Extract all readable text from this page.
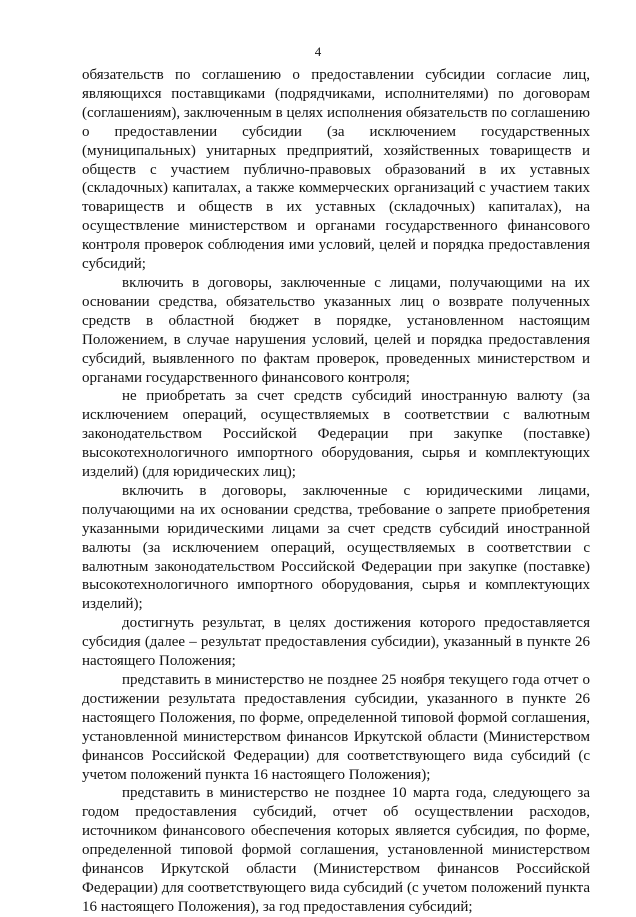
4

обязательств по соглашению о предоставлении субсидии согласие лиц, являющихся поставщиками (подрядчиками, исполнителями) по договорам (соглашениям), заключенным в целях исполнения обязательств по соглашению о предоставлении субсидии (за исключением государственных (муниципальных) унитарных предприятий, хозяйственных товариществ и обществ с участием публично-правовых образований в их уставных (складочных) капиталах, а также коммерческих организаций с участием таких товариществ и обществ в их уставных (складочных) капиталах), на осуществление министерством и органами государственного финансового контроля проверок соблюдения ими условий, целей и порядка предоставления субсидий;

включить в договоры, заключенные с лицами, получающими на их основании средства, обязательство указанных лиц о возврате полученных средств в областной бюджет в порядке, установленном настоящим Положением, в случае нарушения условий, целей и порядка предоставления субсидий, выявленного по фактам проверок, проведенных министерством и органами государственного финансового контроля;

не приобретать за счет средств субсидий иностранную валюту (за исключением операций, осуществляемых в соответствии с валютным законодательством Российской Федерации при закупке (поставке) высокотехнологичного импортного оборудования, сырья и комплектующих изделий) (для юридических лиц);

включить в договоры, заключенные с юридическими лицами, получающими на их основании средства, требование о запрете приобретения указанными юридическими лицами за счет средств субсидий иностранной валюты (за исключением операций, осуществляемых в соответствии с валютным законодательством Российской Федерации при закупке (поставке) высокотехнологичного импортного оборудования, сырья и комплектующих изделий);

достигнуть результат, в целях достижения которого предоставляется субсидия (далее – результат предоставления субсидии), указанный в пункте 26 настоящего Положения;

представить в министерство не позднее 25 ноября текущего года отчет о достижении результата предоставления субсидии, указанного в пункте 26 настоящего Положения, по форме, определенной типовой формой соглашения, установленной министерством финансов Иркутской области (Министерством финансов Российской Федерации) для соответствующего вида субсидий (с учетом положений пункта 16 настоящего Положения);

представить в министерство не позднее 10 марта года, следующего за годом предоставления субсидий, отчет об осуществлении расходов, источником финансового обеспечения которых является субсидия, по форме, определенной типовой формой соглашения, установленной министерством финансов Иркутской области (Министерством финансов Российской Федерации) для соответствующего вида субсидий (с учетом положений пункта 16 настоящего Положения), за год предоставления субсидий;
